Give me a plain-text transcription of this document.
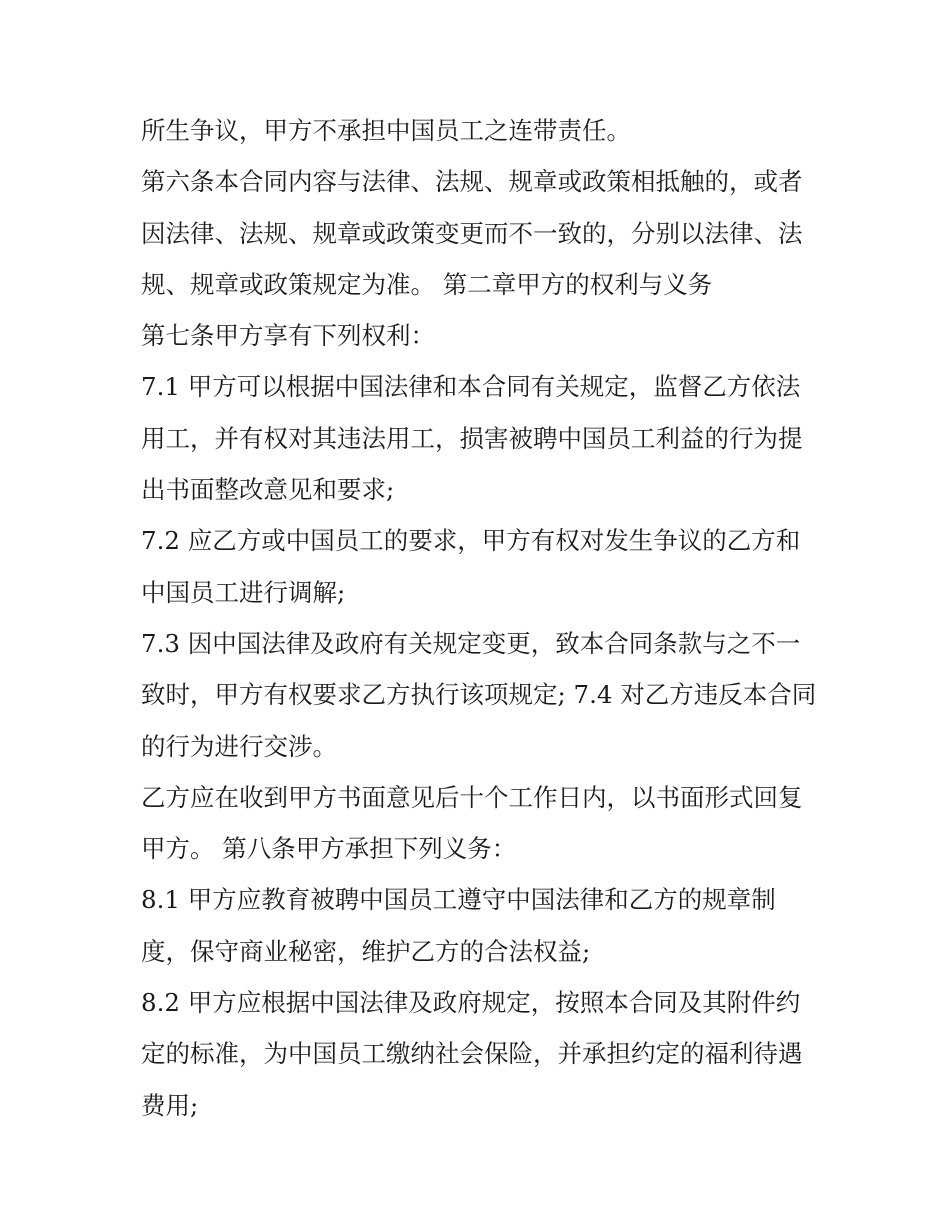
所生争议，甲方不承担中国员工之连带责任。
第六条本合同内容与法律、法规、规章或政策相抵触的，或者
因法律、法规、规章或政策变更而不一致的，分别以法律、法
规、规章或政策规定为准。 第二章甲方的权利与义务
第七条甲方享有下列权利：
7.1 甲方可以根据中国法律和本合同有关规定，监督乙方依法
用工，并有权对其违法用工，损害被聘中国员工利益的行为提
出书面整改意见和要求;
7.2 应乙方或中国员工的要求，甲方有权对发生争议的乙方和
中国员工进行调解;
7.3 因中国法律及政府有关规定变更，致本合同条款与之不一
致时，甲方有权要求乙方执行该项规定; 7.4 对乙方违反本合同
的行为进行交涉。
乙方应在收到甲方书面意见后十个工作日内，以书面形式回复
甲方。 第八条甲方承担下列义务：
8.1 甲方应教育被聘中国员工遵守中国法律和乙方的规章制
度，保守商业秘密，维护乙方的合法权益;
8.2 甲方应根据中国法律及政府规定，按照本合同及其附件约
定的标准，为中国员工缴纳社会保险，并承担约定的福利待遇
费用;
